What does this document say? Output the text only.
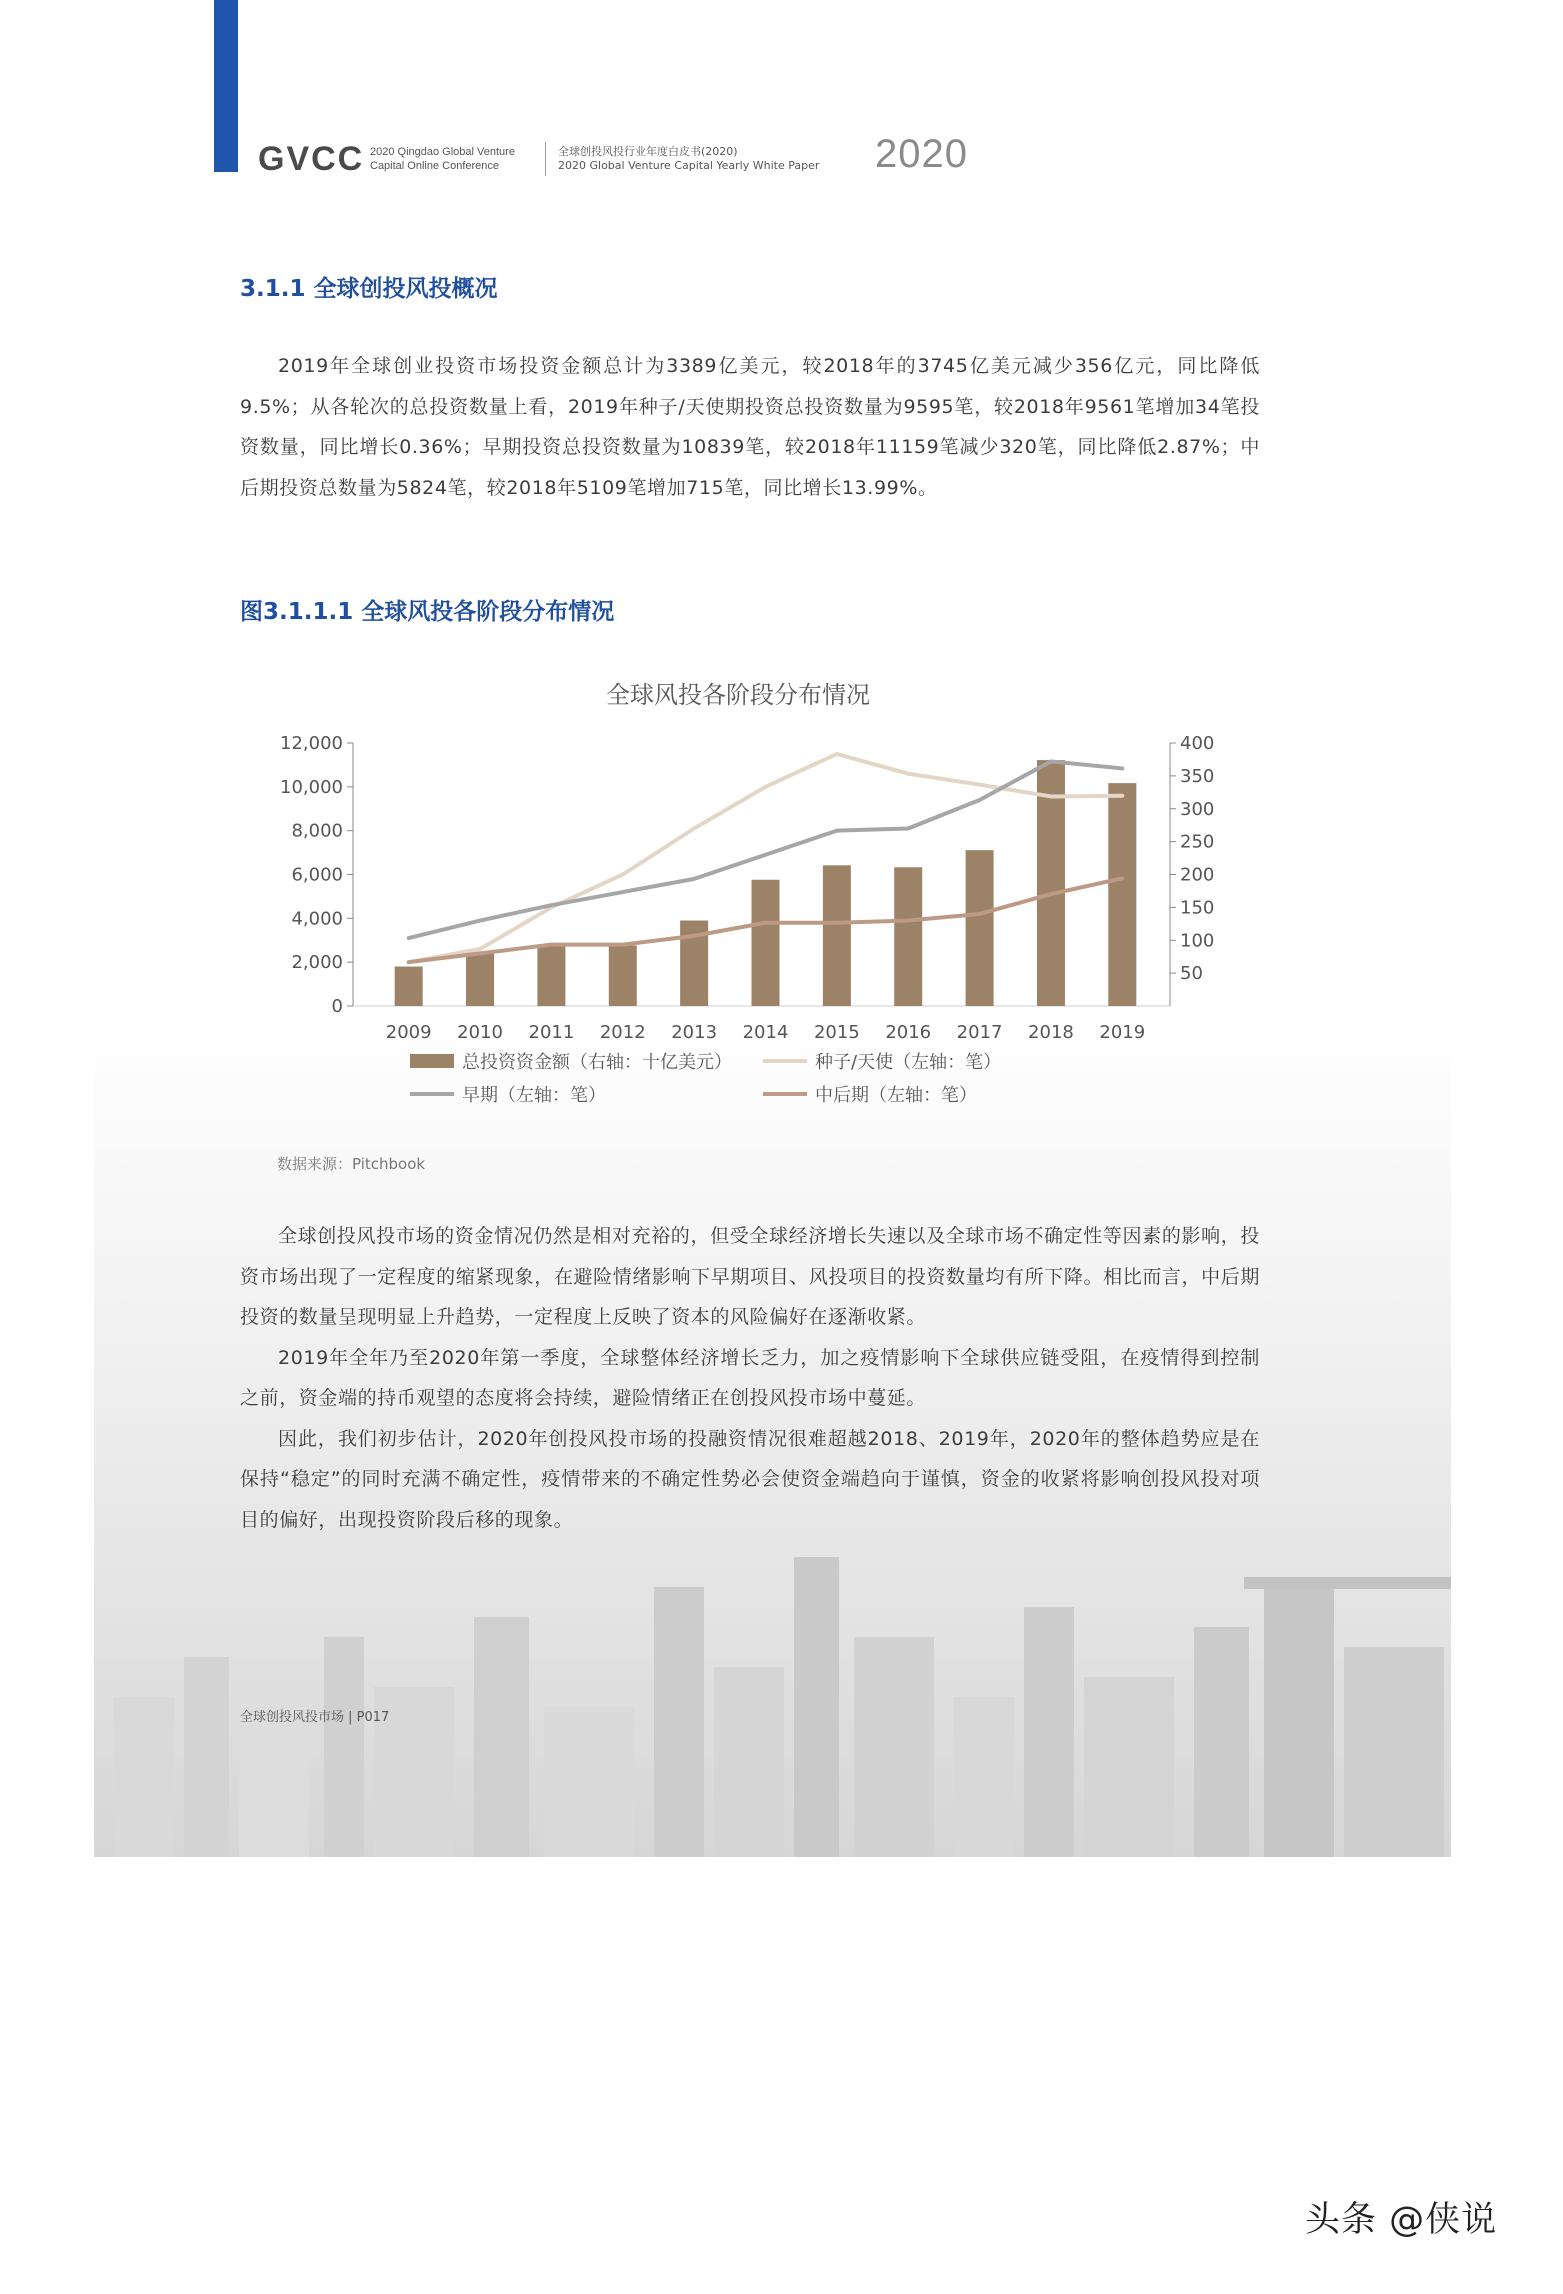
GVCC 2020 Qingdao Global Venture
Capital Online Conference
全球创投风投行业年度白皮书(2020)
2020 Global Venture Capital Yearly White Paper 2020
3.1.1 全球创投风投概况

2019年全球创业投资市场投资金额总计为3389亿美元，较2018年的3745亿美元减少356亿元，同比降低9.5%；从各轮次的总投资数量上看，2019年种子/天使期投资总投资数量为9595笔，较2018年9561笔增加34笔投资数量，同比增长0.36%；早期投资总投资数量为10839笔，较2018年11159笔减少320笔，同比降低2.87%；中后期投资总数量为5824笔，较2018年5109笔增加715笔，同比增长13.99%。

图3.1.1.1 全球风投各阶段分布情况
全球风投各阶段分布情况
0
2,000
4,000
6,000
8,000
10,000
12,000
50
100
150
200
250
300
350
400
2009 2010 2011 2012 2013 2014 2015 2016 2017 2018 2019
总投资资金额（右轴：十亿美元）	种子/天使（左轴：笔）
早期（左轴：笔）	中后期（左轴：笔）
数据来源：Pitchbook

全球创投风投市场的资金情况仍然是相对充裕的，但受全球经济增长失速以及全球市场不确定性等因素的影响，投资市场出现了一定程度的缩紧现象，在避险情绪影响下早期项目、风投项目的投资数量均有所下降。相比而言，中后期投资的数量呈现明显上升趋势，一定程度上反映了资本的风险偏好在逐渐收紧。

2019年全年乃至2020年第一季度，全球整体经济增长乏力，加之疫情影响下全球供应链受阻，在疫情得到控制之前，资金端的持币观望的态度将会持续，避险情绪正在创投风投市场中蔓延。

因此，我们初步估计，2020年创投风投市场的投融资情况很难超越2018、2019年，2020年的整体趋势应是在保持“稳定”的同时充满不确定性，疫情带来的不确定性势必会使资金端趋向于谨慎，资金的收紧将影响创投风投对项目的偏好，出现投资阶段后移的现象。

全球创投风投市场 | P017
头条 @侠说
